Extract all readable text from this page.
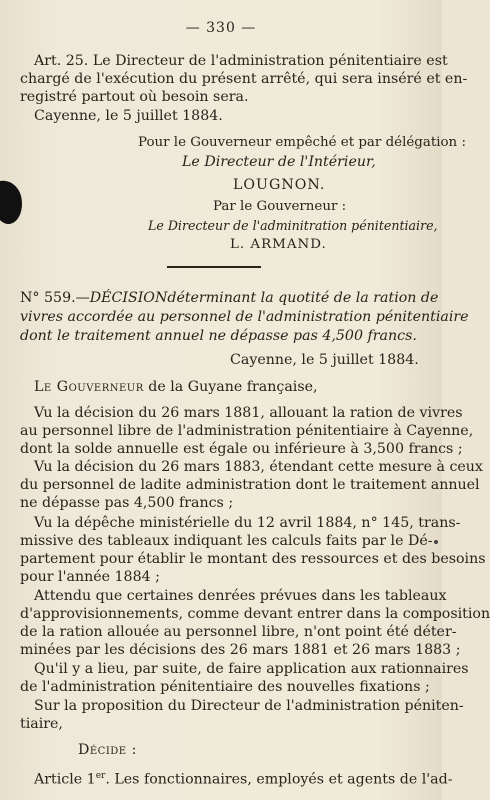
— 330 —
Art. 25. Le Directeur de l'administration pénitentiaire est
chargé de l'exécution du présent arrêté, qui sera inséré et en-
registré partout où besoin sera.
Cayenne, le 5 juillet 1884.
Pour le Gouverneur empêché et par délégation :
Le Directeur de l'Intérieur,
LOUGNON.
Par le Gouverneur :
Le Directeur de l'adminitration pénitentiaire,
L. ARMAND.
N° 559. — DÉCISION déterminant la quotité de la ration de
vivres accordée au personnel de l'administration pénitentiaire
dont le traitement annuel ne dépasse pas 4,500 francs.
Cayenne, le 5 juillet 1884.
Le Gouverneur de la Guyane française,
Vu la décision du 26 mars 1881, allouant la ration de vivres
au personnel libre de l'administration pénitentiaire à Cayenne,
dont la solde annuelle est égale ou inférieure à 3,500 francs ;
Vu la décision du 26 mars 1883, étendant cette mesure à ceux
du personnel de ladite administration dont le traitement annuel
ne dépasse pas 4,500 francs ;
Vu la dépêche ministérielle du 12 avril 1884, n° 145, trans-
missive des tableaux indiquant les calculs faits par le Dé-
partement pour établir le montant des ressources et des besoins
pour l'année 1884 ;
Attendu que certaines denrées prévues dans les tableaux
d'approvisionnements, comme devant entrer dans la composition
de la ration allouée au personnel libre, n'ont point été déter-
minées par les décisions des 26 mars 1881 et 26 mars 1883 ;
Qu'il y a lieu, par suite, de faire application aux rationnaires
de l'administration pénitentiaire des nouvelles fixations ;
Sur la proposition du Directeur de l'administration péniten-
tiaire,
Décide :
Article 1er. Les fonctionnaires, employés et agents de l'ad-
